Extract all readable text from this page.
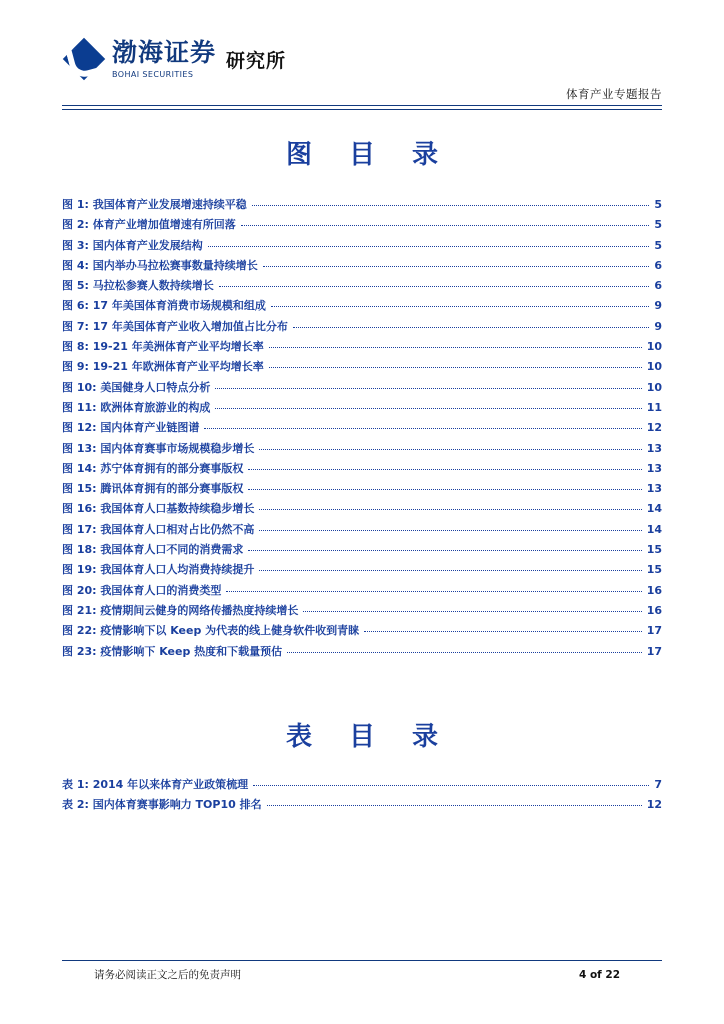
渤海证券
BOHAI SECURITIES
研究所
体育产业专题报告
图 目 录
图 1: 我国体育产业发展增速持续平稳	5
图 2: 体育产业增加值增速有所回落	5
图 3: 国内体育产业发展结构	5
图 4: 国内举办马拉松赛事数量持续增长	6
图 5: 马拉松参赛人数持续增长	6
图 6: 17 年美国体育消费市场规模和组成	9
图 7: 17 年美国体育产业收入增加值占比分布	9
图 8: 19-21 年美洲体育产业平均增长率	10
图 9: 19-21 年欧洲体育产业平均增长率	10
图 10: 美国健身人口特点分析	10
图 11: 欧洲体育旅游业的构成	11
图 12: 国内体育产业链图谱	12
图 13: 国内体育赛事市场规模稳步增长	13
图 14: 苏宁体育拥有的部分赛事版权	13
图 15: 腾讯体育拥有的部分赛事版权	13
图 16: 我国体育人口基数持续稳步增长	14
图 17: 我国体育人口相对占比仍然不高	14
图 18: 我国体育人口不同的消费需求	15
图 19: 我国体育人口人均消费持续提升	15
图 20: 我国体育人口的消费类型	16
图 21: 疫情期间云健身的网络传播热度持续增长	16
图 22: 疫情影响下以 Keep 为代表的线上健身软件收到青睐	17
图 23: 疫情影响下 Keep 热度和下载量预估	17
表 目 录
表 1: 2014 年以来体育产业政策梳理	7
表 2: 国内体育赛事影响力 TOP10 排名	12
请务必阅读正文之后的免责声明	4 of 22
